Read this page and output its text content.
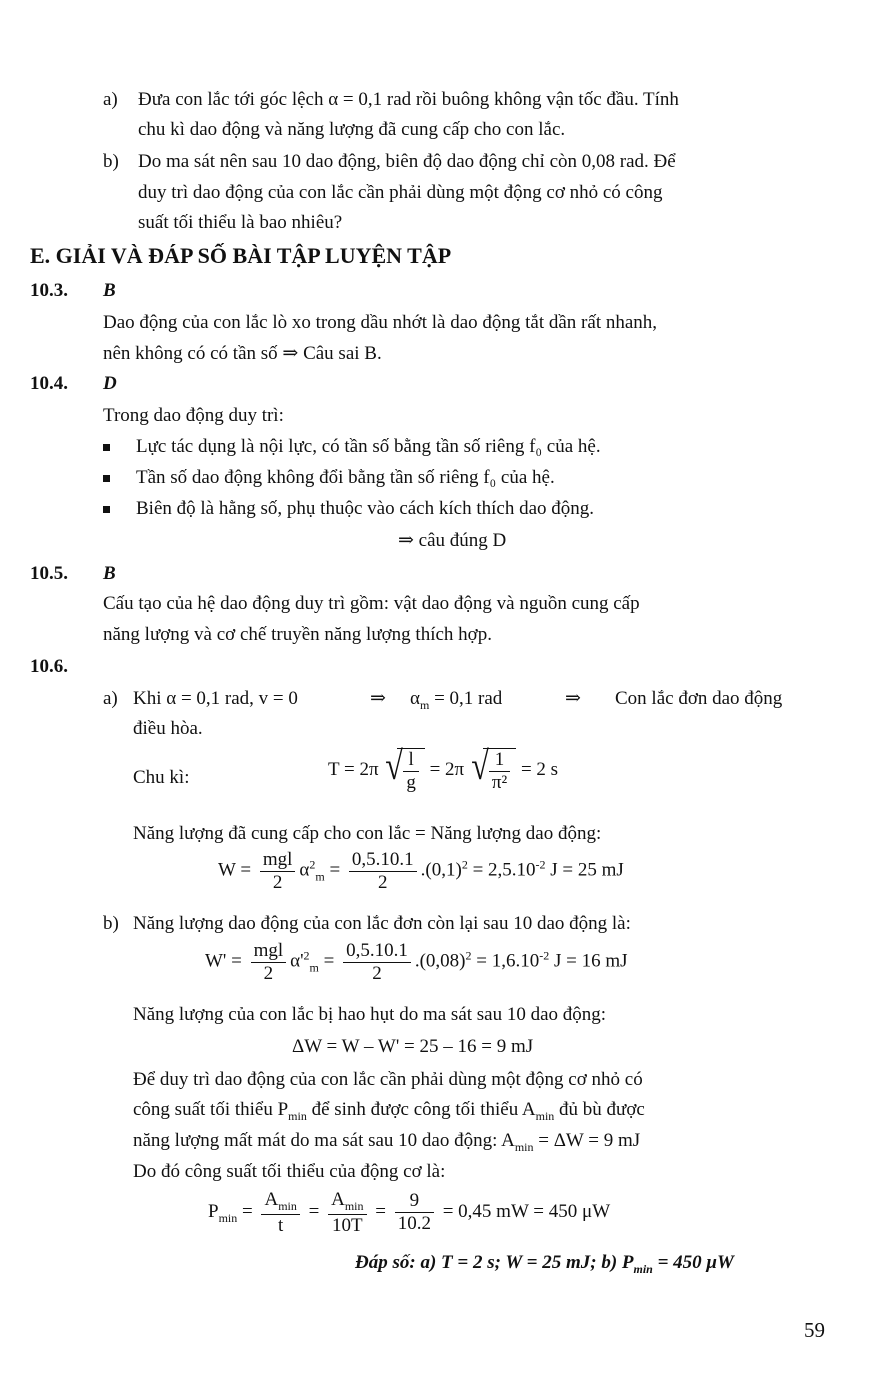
a) Đưa con lắc tới góc lệch α = 0,1 rad rồi buông không vận tốc đầu. Tính
chu kì dao động và năng lượng đã cung cấp cho con lắc.
b) Do ma sát nên sau 10 dao động, biên độ dao động chỉ còn 0,08 rad. Để
duy trì dao động của con lắc cần phải dùng một động cơ nhỏ có công
suất tối thiểu là bao nhiêu?
E. GIẢI VÀ ĐÁP SỐ BÀI TẬP LUYỆN TẬP
10.3. B
Dao động của con lắc lò xo trong dầu nhớt là dao động tắt dần rất nhanh,
nên không có có tần số ⇒ Câu sai B.
10.4. D
Trong dao động duy trì:
Lực tác dụng là nội lực, có tần số bằng tần số riêng f₀ của hệ.
Tần số dao động không đổi bằng tần số riêng f₀ của hệ.
Biên độ là hằng số, phụ thuộc vào cách kích thích dao động.
⇒ câu đúng D
10.5. B
Cấu tạo của hệ dao động duy trì gồm: vật dao động và nguồn cung cấp
năng lượng và cơ chế truyền năng lượng thích hợp.
10.6.
a) Khi α = 0,1 rad, v = 0	⇒ $\alpha_m = 0,1$ rad	⇒ Con lắc đơn dao động
điều hòa.
Chu kì:	T = 2π √ $\frac{l}{g} = 2\pi$ √ $\frac{1}{\text{π²}} = 2$ s
Năng lượng đã cung cấp cho con lắc = Năng lượng dao động:
$W = \frac{\text{mgl}}{2} \alpha^2_m = \frac{0,5.10.1}{2} .(0,1)^2 = 2,5.10^{-2}$ J = 25 mJ
b) Năng lượng dao động của con lắc đơn còn lại sau 10 dao động là:
$W' = \frac{\text{mgl}}{2} \alpha'^2_m = \frac{0,5.10.1}{2} .(0,08)^2 = 1,6.10^{-2}$ J = 16 mJ
Năng lượng của con lắc bị hao hụt do ma sát sau 10 dao động:
ΔW = W – W' = 25 – 16 = 9 mJ
Để duy trì dao động của con lắc cần phải dùng một động cơ nhỏ có
công suất tối thiểu $P_{min}$ để sinh được công tối thiểu $A_{min}$ đủ bù được
năng lượng mất mát do ma sát sau 10 dao động: $A_{min} = \Delta W = 9$ mJ
Do đó công suất tối thiểu của động cơ là:
$P_{min} = \frac{A_{min}}{t} = \frac{A_{min}}{10T} = \frac{9}{10.2} = 0,45$ mW = 450 μW
Đáp số: a) T = 2 s; W = 25 mJ; b) $P_{min} = 450$ μW
59
